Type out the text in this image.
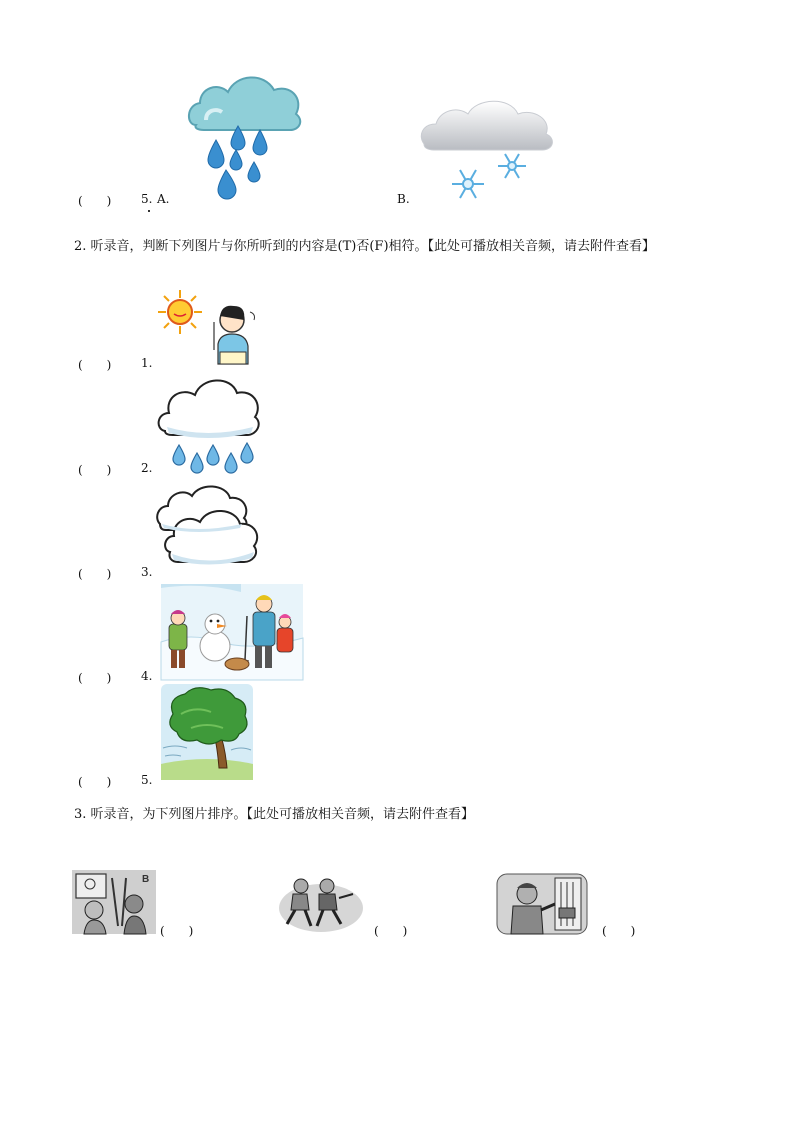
(　　) 5. A.	B.
2. 听录音，判断下列图片与你所听到的内容是(T)否(F)相符。【此处可播放相关音频，请去附件查看】
(　　) 1.
(　　) 2.
(　　) 3.
(　　) 4.
(　　) 5.
3. 听录音，为下列图片排序。【此处可播放相关音频，请去附件查看】
B
(　　)	(　　)	(　　)
